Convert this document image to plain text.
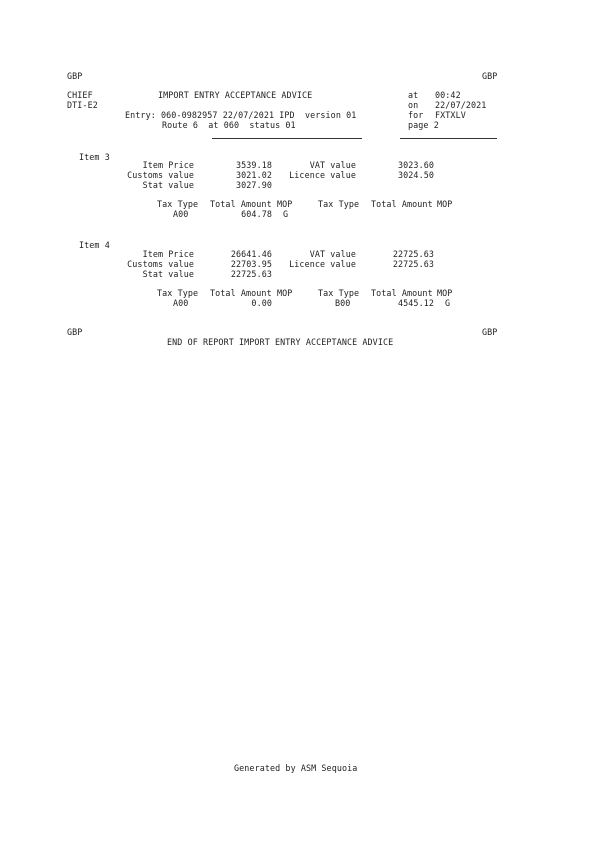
GBP	GBP
CHIEF	IMPORT ENTRY ACCEPTANCE ADVICE	at 00:42
DTI-E2	on 22/07/2021
Entry: 060-0982957 22/07/2021 IPD  version 01	for FXTXLV
Route 6  at 060  status 01	page 2
Item 3
Item Price	3539.18	VAT value	3023.60
Customs value	3021.02	Licence value	3024.50
Stat value	3027.90
Tax Type Total Amount MOP	Tax Type Total Amount MOP
A00	604.78 G
Item 4
Item Price	26641.46	VAT value	22725.63
Customs value	22703.95	Licence value	22725.63
Stat value	22725.63
Tax Type Total Amount MOP	Tax Type Total Amount MOP
A00	0.00	B00	4545.12 G
GBP	GBP
END OF REPORT IMPORT ENTRY ACCEPTANCE ADVICE
Generated by ASM Sequoia
